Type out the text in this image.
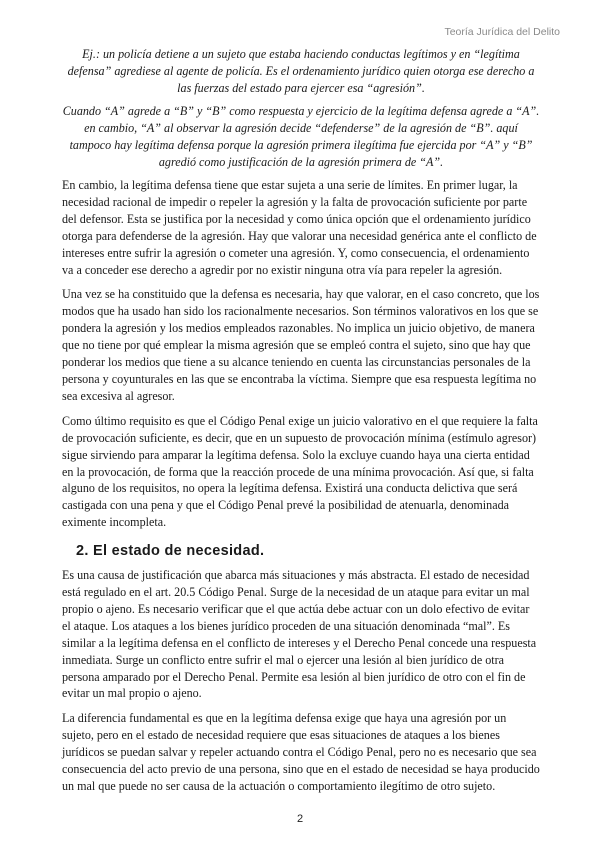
Teoría Jurídica del Delito

Ej.: un policía detiene a un sujeto que estaba haciendo conductas legítimos y en “legítima defensa” agrediese al agente de policía. Es el ordenamiento jurídico quien otorga ese derecho a las fuerzas del estado para ejercer esa “agresión”.

Cuando “A” agrede a “B” y “B” como respuesta y ejercicio de la legítima defensa agrede a “A”. en cambio, “A” al observar la agresión decide “defenderse” de la agresión de “B”. aquí tampoco hay legítima defensa porque la agresión primera ilegítima fue ejercida por “A” y “B” agredió como justificación de la agresión primera de “A”.

En cambio, la legítima defensa tiene que estar sujeta a una serie de límites. En primer lugar, la necesidad racional de impedir o repeler la agresión y la falta de provocación suficiente por parte del defensor. Esta se justifica por la necesidad y como única opción que el ordenamiento jurídico otorga para defenderse de la agresión. Hay que valorar una necesidad genérica ante el conflicto de intereses entre sufrir la agresión o cometer una agresión. Y, como consecuencia, el ordenamiento va a conceder ese derecho a agredir por no existir ninguna otra vía para repeler la agresión.

Una vez se ha constituido que la defensa es necesaria, hay que valorar, en el caso concreto, que los modos que ha usado han sido los racionalmente necesarios. Son términos valorativos en los que se pondera la agresión y los medios empleados razonables. No implica un juicio objetivo, de manera que no tiene por qué emplear la misma agresión que se empleó contra el sujeto, sino que hay que ponderar los medios que tiene a su alcance teniendo en cuenta las circunstancias personales de la persona y coyunturales en las que se encontraba la víctima. Siempre que esa respuesta legítima no sea excesiva al agresor.

Como último requisito es que el Código Penal exige un juicio valorativo en el que requiere la falta de provocación suficiente, es decir, que en un supuesto de provocación mínima (estímulo agresor) sigue sirviendo para amparar la legítima defensa. Solo la excluye cuando haya una cierta entidad en la provocación, de forma que la reacción procede de una mínima provocación. Así que, si falta alguno de los requisitos, no opera la legítima defensa. Existirá una conducta delictiva que será castigada con una pena y que el Código Penal prevé la posibilidad de atenuarla, denominada eximente incompleta.

2. El estado de necesidad.

Es una causa de justificación que abarca más situaciones y más abstracta. El estado de necesidad está regulado en el art. 20.5 Código Penal. Surge de la necesidad de un ataque para evitar un mal propio o ajeno. Es necesario verificar que el que actúa debe actuar con un dolo efectivo de evitar el ataque. Los ataques a los bienes jurídico proceden de una situación denominada “mal”. Es similar a la legítima defensa en el conflicto de intereses y el Derecho Penal concede una respuesta inmediata. Surge un conflicto entre sufrir el mal o ejercer una lesión al bien jurídico de otra persona amparado por el Derecho Penal. Permite esa lesión al bien jurídico de otro con el fin de evitar un mal propio o ajeno.

La diferencia fundamental es que en la legítima defensa exige que haya una agresión por un sujeto, pero en el estado de necesidad requiere que esas situaciones de ataques a los bienes jurídicos se puedan salvar y repeler actuando contra el Código Penal, pero no es necesario que sea consecuencia del acto previo de una persona, sino que en el estado de necesidad se haya producido un mal que puede no ser causa de la actuación o comportamiento ilegítimo de otro sujeto.

2
